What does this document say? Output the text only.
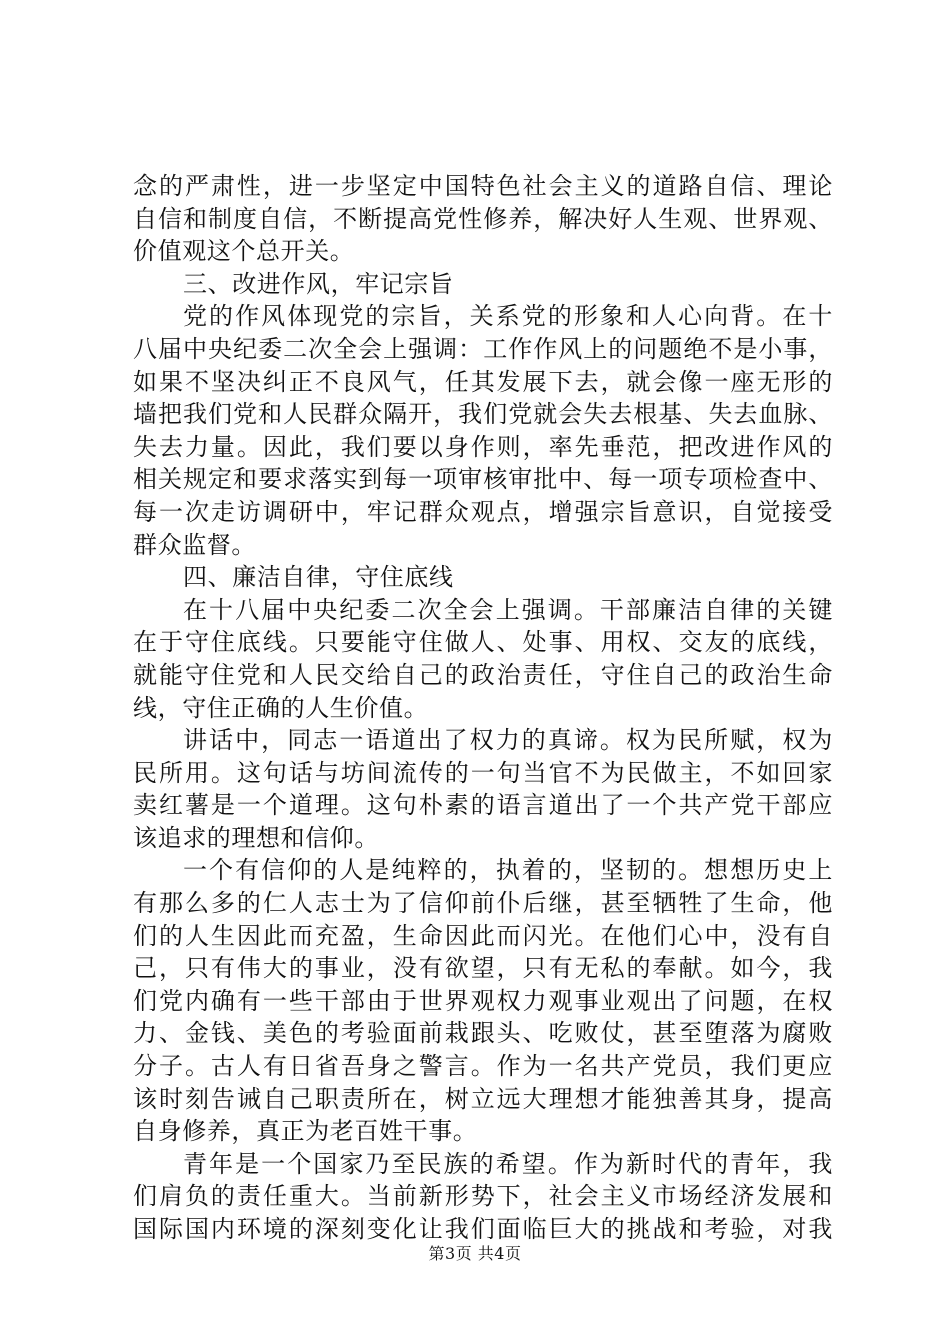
念的严肃性，进一步坚定中国特色社会主义的道路自信、理论
自信和制度自信，不断提高党性修养，解决好人生观、世界观、
价值观这个总开关。
三、改进作风，牢记宗旨
党的作风体现党的宗旨，关系党的形象和人心向背。在十
八届中央纪委二次全会上强调：工作作风上的问题绝不是小事，
如果不坚决纠正不良风气，任其发展下去，就会像一座无形的
墙把我们党和人民群众隔开，我们党就会失去根基、失去血脉、
失去力量。因此，我们要以身作则，率先垂范，把改进作风的
相关规定和要求落实到每一项审核审批中、每一项专项检查中、
每一次走访调研中，牢记群众观点，增强宗旨意识，自觉接受
群众监督。
四、廉洁自律，守住底线
在十八届中央纪委二次全会上强调。干部廉洁自律的关键
在于守住底线。只要能守住做人、处事、用权、交友的底线，
就能守住党和人民交给自己的政治责任，守住自己的政治生命
线，守住正确的人生价值。
讲话中，同志一语道出了权力的真谛。权为民所赋，权为
民所用。这句话与坊间流传的一句当官不为民做主，不如回家
卖红薯是一个道理。这句朴素的语言道出了一个共产党干部应
该追求的理想和信仰。
一个有信仰的人是纯粹的，执着的，坚韧的。想想历史上
有那么多的仁人志士为了信仰前仆后继，甚至牺牲了生命，他
们的人生因此而充盈，生命因此而闪光。在他们心中，没有自
己，只有伟大的事业，没有欲望，只有无私的奉献。如今，我
们党内确有一些干部由于世界观权力观事业观出了问题，在权
力、金钱、美色的考验面前栽跟头、吃败仗，甚至堕落为腐败
分子。古人有日省吾身之警言。作为一名共产党员，我们更应
该时刻告诫自己职责所在，树立远大理想才能独善其身，提高
自身修养，真正为老百姓干事。
青年是一个国家乃至民族的希望。作为新时代的青年，我
们肩负的责任重大。当前新形势下，社会主义市场经济发展和
国际国内环境的深刻变化让我们面临巨大的挑战和考验，对我
第3页 共4页
